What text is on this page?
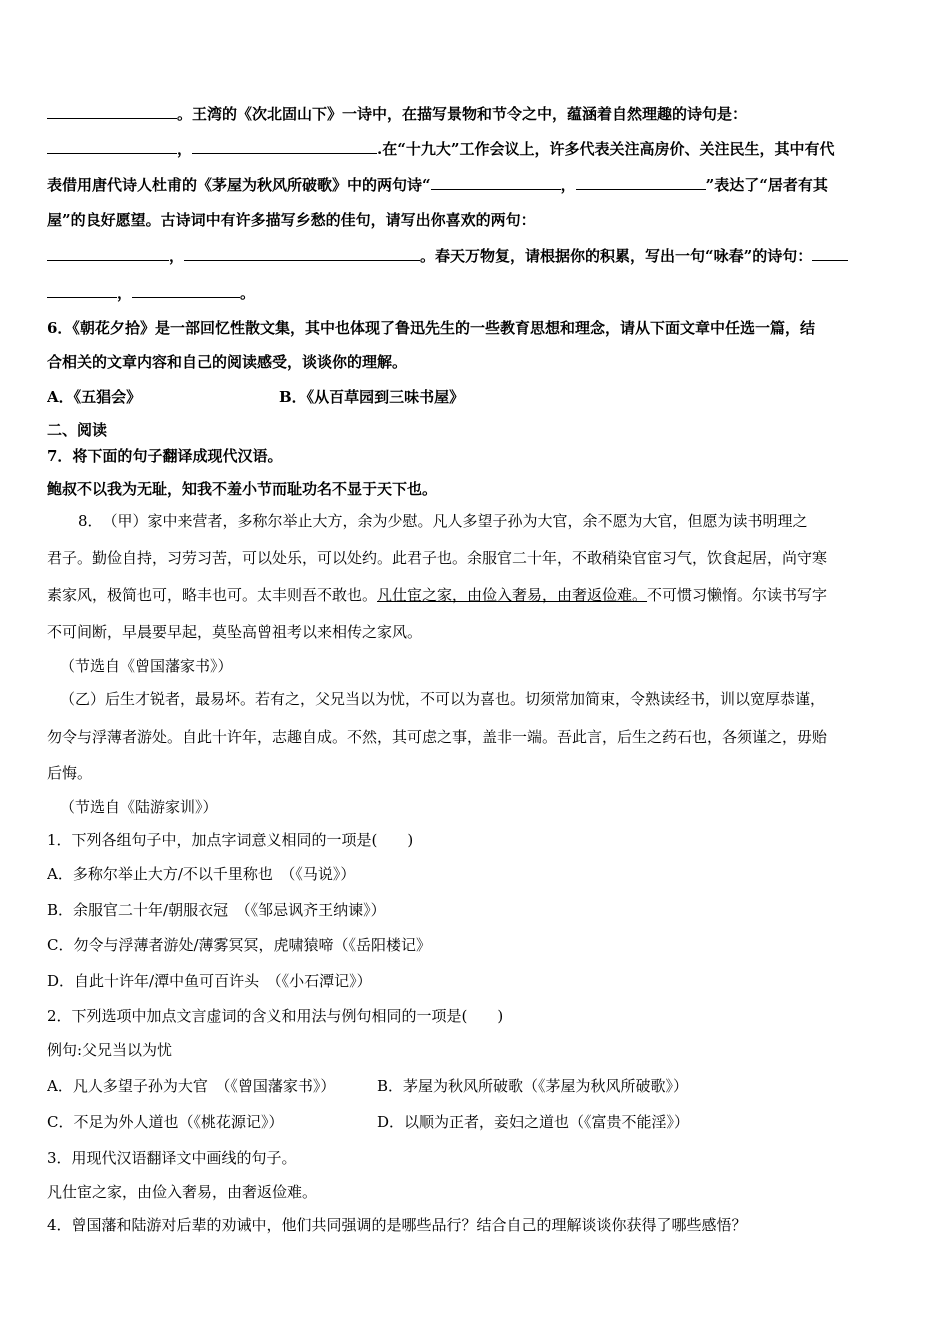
。王湾的《次北固山下》一诗中，在描写景物和节令之中，蕴涵着自然理趣的诗句是：
，	.在“十九大”工作会议上，许多代表关注高房价、关注民生，其中有代
表借用唐代诗人杜甫的《茅屋为秋风所破歌》中的两句诗“	，	”表达了“居者有其
屋”的良好愿望。古诗词中有许多描写乡愁的佳句，请写出你喜欢的两句：
，	。春天万物复，请根据你的积累，写出一句“咏春”的诗句：
，	。
6．《朝花夕拾》是一部回忆性散文集，其中也体现了鲁迅先生的一些教育思想和理念，请从下面文章中任选一篇，结
合相关的文章内容和自己的阅读感受，谈谈你的理解。
A．《五猖会》	B．《从百草园到三味书屋》
二、阅读
7．将下面的句子翻译成现代汉语。
鲍叔不以我为无耻，知我不羞小节而耻功名不显于天下也。
8．　（甲）家中来营者，多称尔举止大方，余为少慰。凡人多望子孙为大官，余不愿为大官，但愿为读书明理之
君子。勤俭自持，习劳习苦，可以处乐，可以处约。此君子也。余服官二十年，不敢稍染官宦习气，饮食起居，尚守寒
素家风，极简也可，略丰也可。太丰则吾不敢也。凡仕宦之家，由俭入奢易，由奢返俭难。不可惯习懒惰。尔读书写字
不可间断，早晨要早起，莫坠高曾祖考以来相传之家风。
（节选自《曾国藩家书》）
（乙）后生才锐者，最易坏。若有之，父兄当以为忧，不可以为喜也。切须常加简束，令熟读经书，训以宽厚恭谨，
勿令与浮薄者游处。自此十许年，志趣自成。不然，其可虑之事，盖非一端。吾此言，后生之药石也，各须谨之，毋贻
后悔。
（节选自《陆游家训》）
1．下列各组句子中，加点字词意义相同的一项是(　　)
A．多称尔举止大方/不以千里称也　（《马说》）
B．余服官二十年/朝服衣冠　（《邹忌讽齐王纳谏》）
C．勿令与浮薄者游处/薄雾冥冥，虎啸猿啼（《岳阳楼记》
D．自此十许年/潭中鱼可百许头　（《小石潭记》）
2．下列选项中加点文言虚词的含义和用法与例句相同的一项是(　　)
例句:父兄当以为忧
A．凡人多望子孙为大官　（《曾国藩家书》）	B．茅屋为秋风所破歌（《茅屋为秋风所破歌》）
C．不足为外人道也（《桃花源记》）	D．以顺为正者，妾妇之道也（《富贵不能淫》）
3．用现代汉语翻译文中画线的句子。
凡仕宦之家，由俭入奢易，由奢返俭难。
4．曾国藩和陆游对后辈的劝诫中，他们共同强调的是哪些品行？结合自己的理解谈谈你获得了哪些感悟？
